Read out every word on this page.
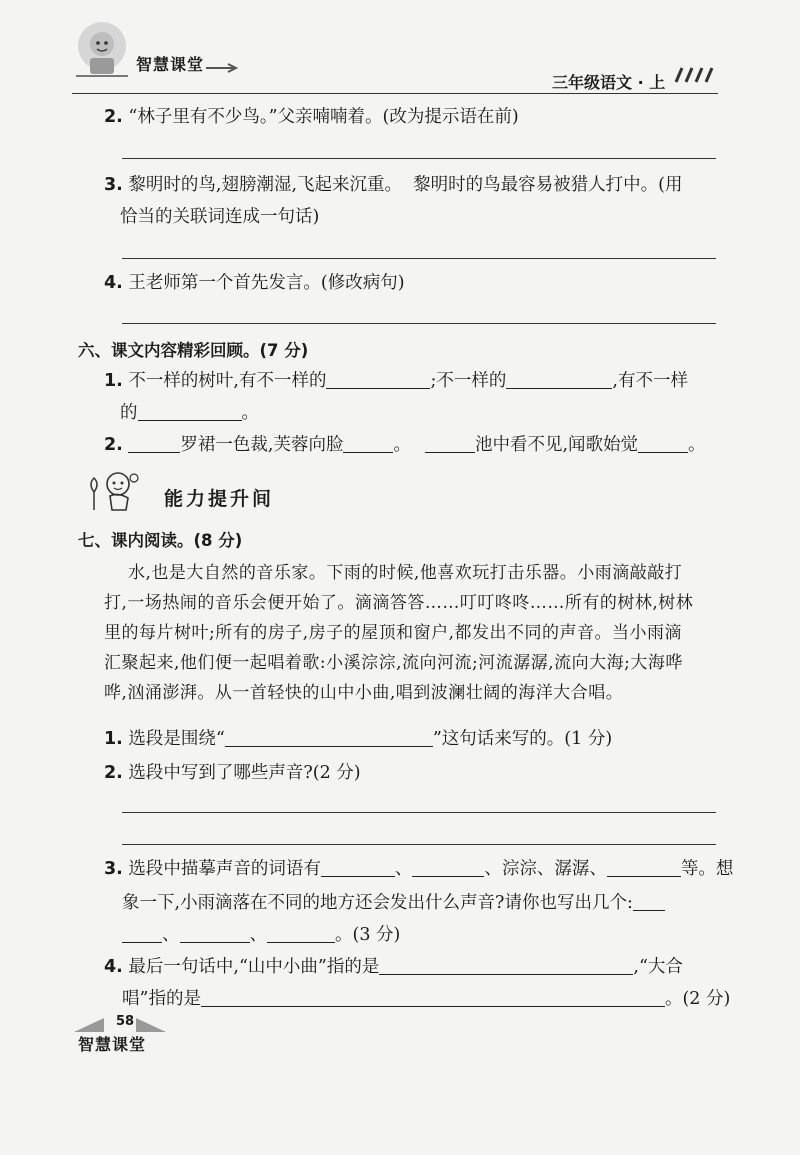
智慧课堂
三年级语文 · 上
2. “林子里有不少鸟。”父亲喃喃着。(改为提示语在前)
3. 黎明时的鸟,翅膀潮湿,飞起来沉重。  黎明时的鸟最容易被猎人打中。(用
恰当的关联词连成一句话)
4. 王老师第一个首先发言。(修改病句)
六、课文内容精彩回顾。(7 分)
1. 不一样的树叶,有不一样的	;不一样的	,有不一样
的	。
2.	罗裙一色裁,芙蓉向脸	。	池中看不见,闻歌始觉	。
能力提升间
七、课内阅读。(8 分)
水,也是大自然的音乐家。下雨的时候,他喜欢玩打击乐器。小雨滴敲敲打
打,一场热闹的音乐会便开始了。滴滴答答……叮叮咚咚……所有的树林,树林
里的每片树叶;所有的房子,房子的屋顶和窗户,都发出不同的声音。当小雨滴
汇聚起来,他们便一起唱着歌:小溪淙淙,流向河流;河流潺潺,流向大海;大海哗
哗,汹涌澎湃。从一首轻快的山中小曲,唱到波澜壮阔的海洋大合唱。
1. 选段是围绕“	”这句话来写的。(1 分)
2. 选段中写到了哪些声音?(2 分)
3. 选段中描摹声音的词语有	、	、淙淙、潺潺、	等。想
象一下,小雨滴落在不同的地方还会发出什么声音?请你也写出几个:
、	、	。(3 分)
4. 最后一句话中,“山中小曲”指的是	,“大合
唱”指的是	。(2 分)
58
智慧课堂
